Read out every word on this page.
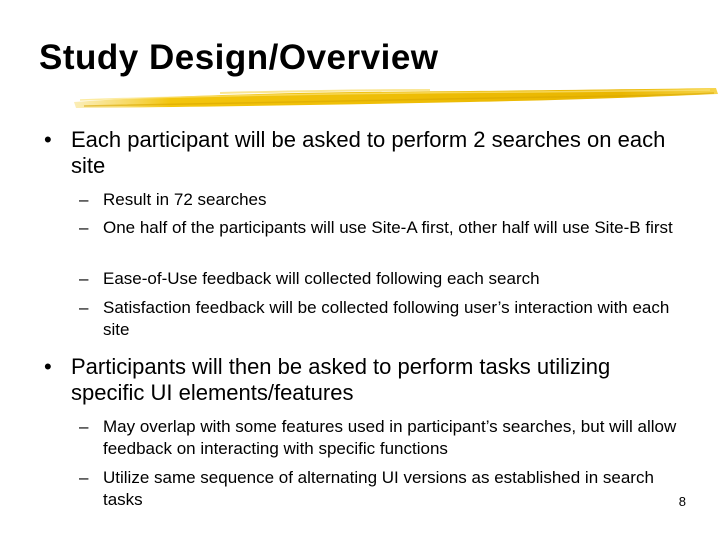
Study Design/Overview
• Each participant will be asked to perform 2 searches on each site
– Result in 72 searches
– One half of the participants will use Site-A first, other half will use Site-B first
– Ease-of-Use feedback will collected following each search
– Satisfaction feedback will be collected following user’s interaction with each site
• Participants will then be asked to perform tasks utilizing specific UI elements/features
– May overlap with some features used in participant’s searches, but will allow feedback on interacting with specific functions
– Utilize same sequence of alternating UI versions as established in search tasks	8
